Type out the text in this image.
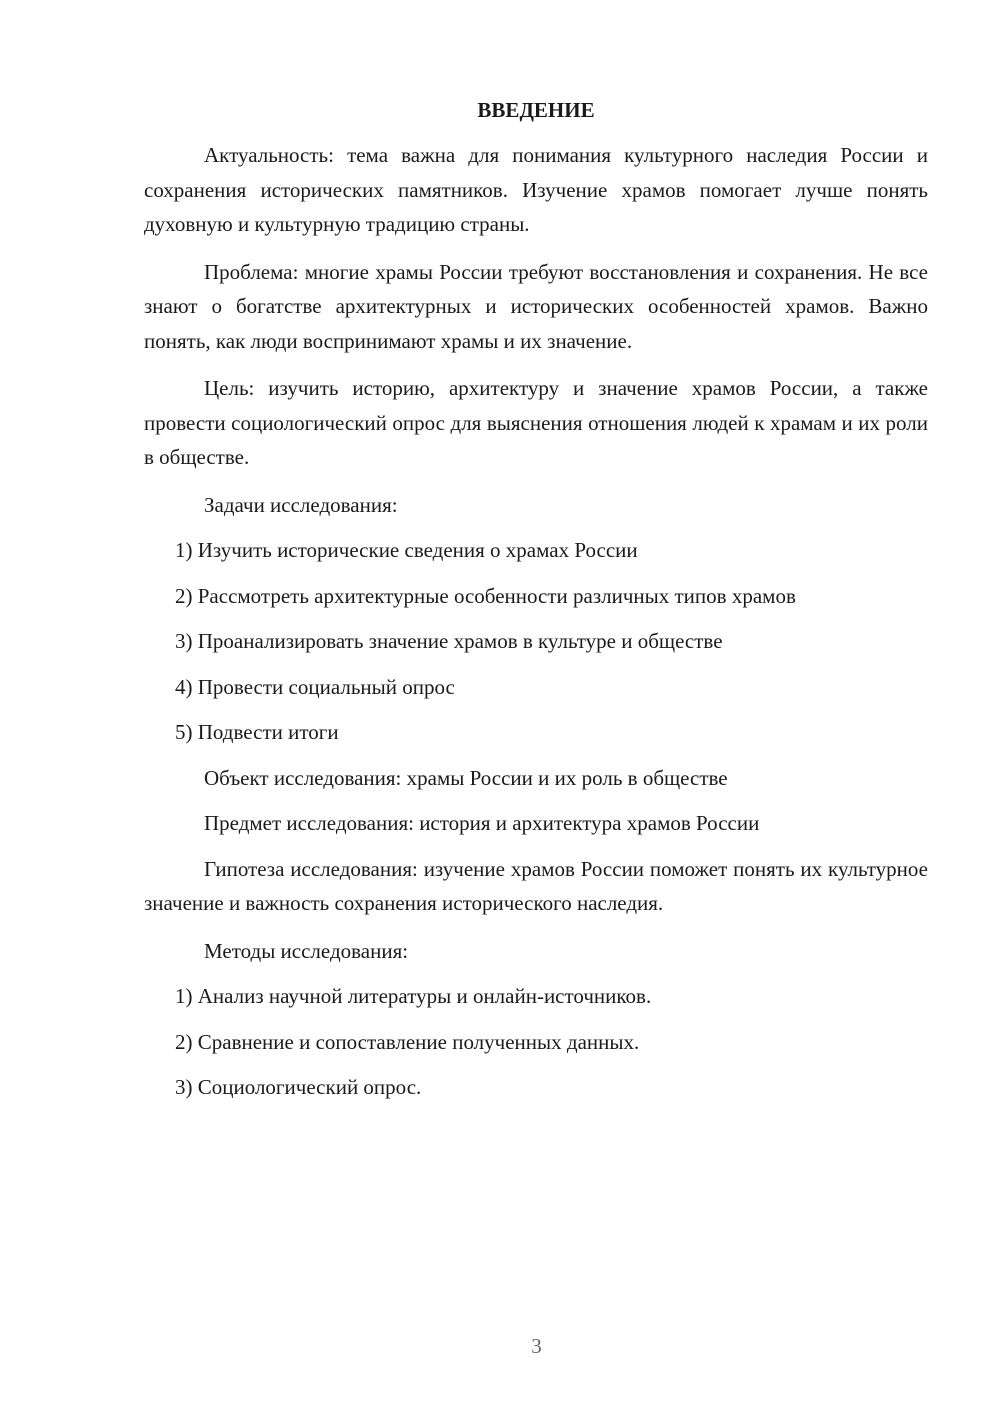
ВВЕДЕНИЕ

Актуальность: тема важна для понимания культурного наследия России и сохранения исторических памятников. Изучение храмов помогает лучше понять духовную и культурную традицию страны.

Проблема: многие храмы России требуют восстановления и сохранения. Не все знают о богатстве архитектурных и исторических особенностей храмов. Важно понять, как люди воспринимают храмы и их значение.

Цель: изучить историю, архитектуру и значение храмов России, а также провести социологический опрос для выяснения отношения людей к храмам и их роли в обществе.

Задачи исследования:

1) Изучить исторические сведения о храмах России
2) Рассмотреть архитектурные особенности различных типов храмов
3) Проанализировать значение храмов в культуре и обществе
4) Провести социальный опрос
5) Подвести итоги

Объект исследования: храмы России и их роль в обществе

Предмет исследования: история и архитектура храмов России

Гипотеза исследования: изучение храмов России поможет понять их культурное значение и важность сохранения исторического наследия.

Методы исследования:

1) Анализ научной литературы и онлайн-источников.
2) Сравнение и сопоставление полученных данных.
3) Социологический опрос.
3
